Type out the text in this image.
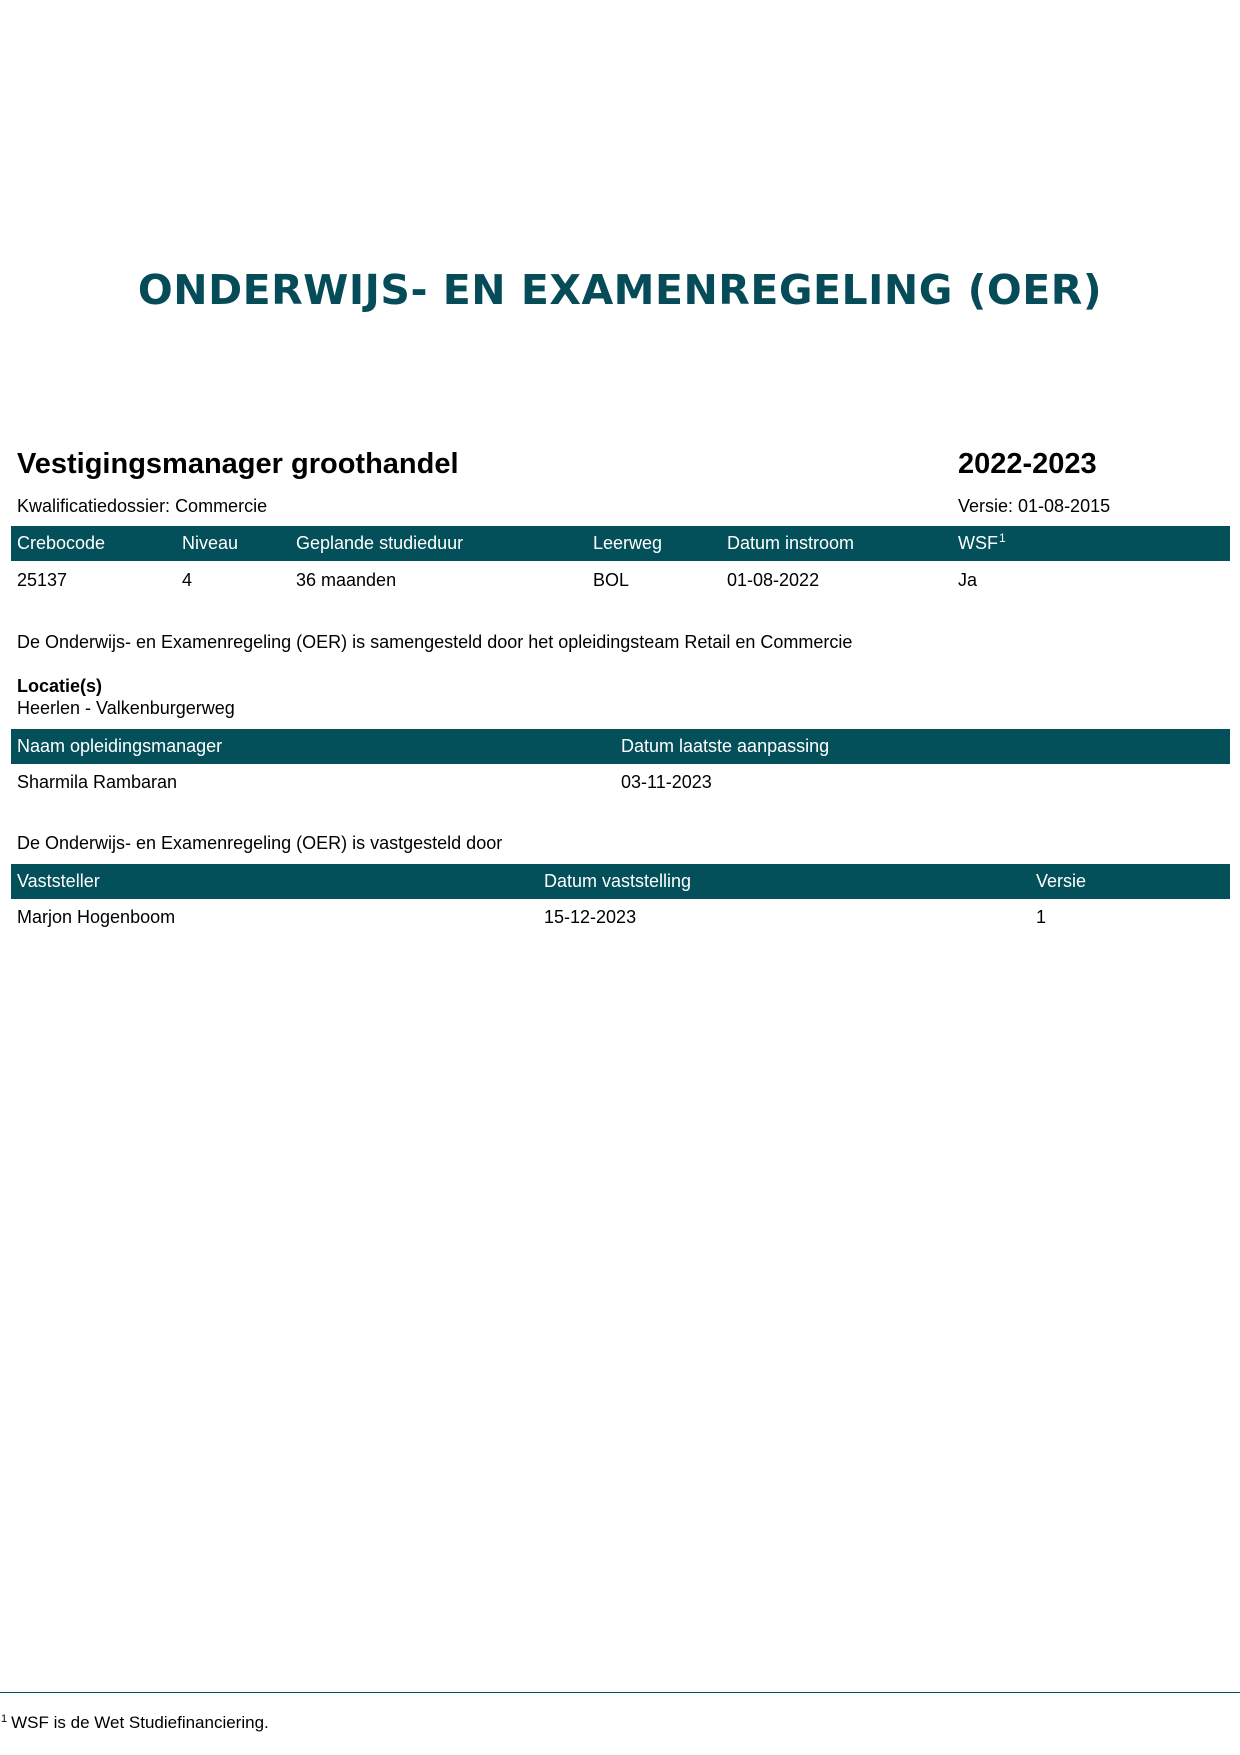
ONDERWIJS- EN EXAMENREGELING (OER)
Vestigingsmanager groothandel	2022-2023
Kwalificatiedossier: Commercie	Versie: 01-08-2015
Crebocode	Niveau	Geplande studieduur	Leerweg	Datum instroom	WSF$^1$
25137	4	36 maanden	BOL	01-08-2022	Ja
De Onderwijs- en Examenregeling (OER) is samengesteld door het opleidingsteam Retail en Commercie
Locatie(s)
Heerlen - Valkenburgerweg
Naam opleidingsmanager	Datum laatste aanpassing
Sharmila Rambaran	03-11-2023
De Onderwijs- en Examenregeling (OER) is vastgesteld door
Vaststeller	Datum vaststelling	Versie
Marjon Hogenboom	15-12-2023	1
$^1$ WSF is de Wet Studiefinanciering.
